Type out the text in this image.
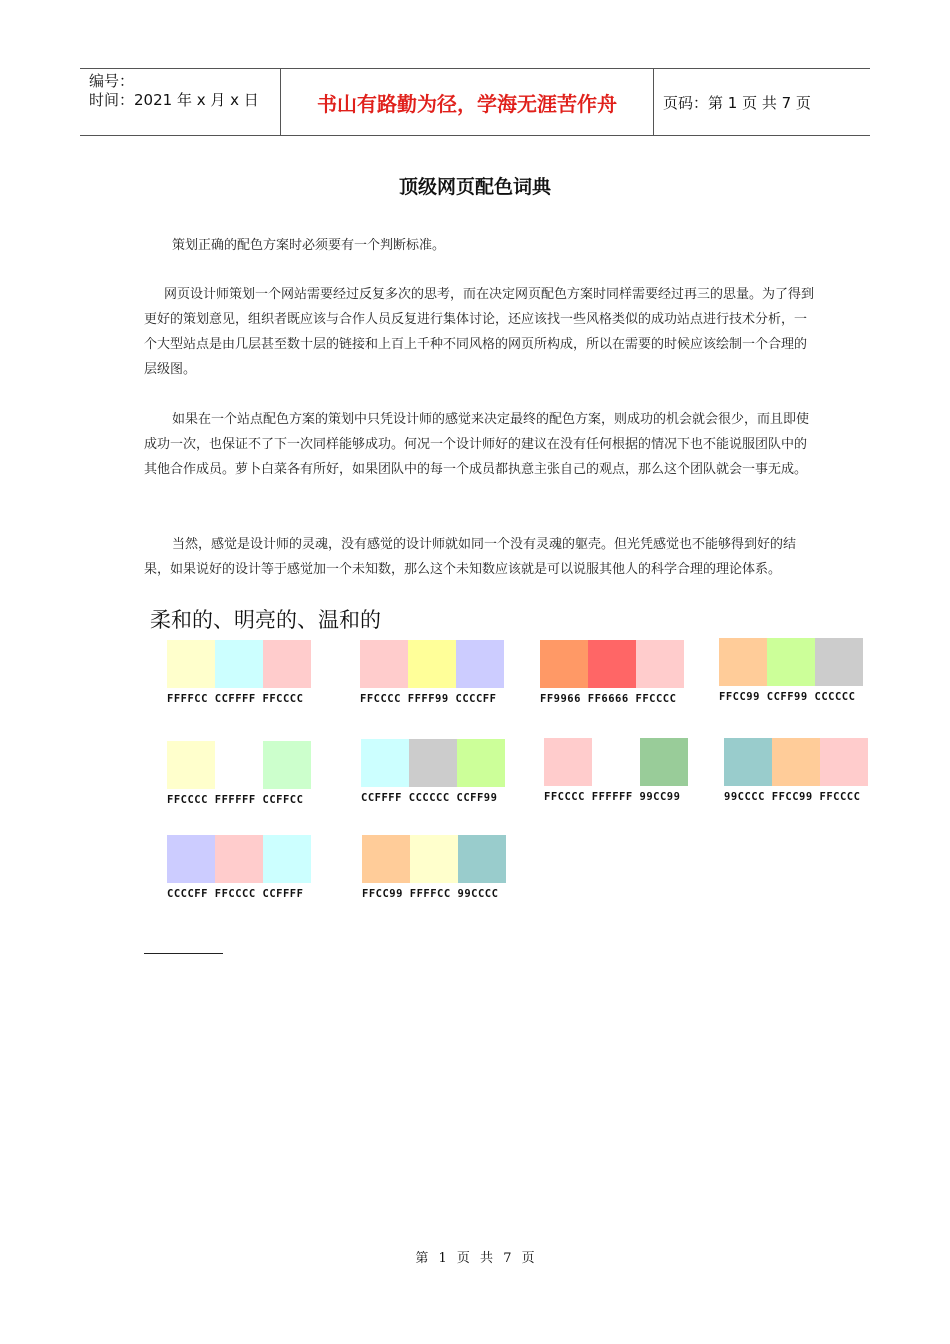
编号：
时间：2021 年 x 月 x 日	书山有路勤为径，学海无涯苦作舟	页码：第 1 页 共 7 页
顶级网页配色词典

策划正确的配色方案时必须要有一个判断标准。

网页设计师策划一个网站需要经过反复多次的思考，而在决定网页配色方案时同样需要经过再三的思量。为了得到更好的策划意见，组织者既应该与合作人员反复进行集体讨论，还应该找一些风格类似的成功站点进行技术分析，一个大型站点是由几层甚至数十层的链接和上百上千种不同风格的网页所构成，所以在需要的时候应该绘制一个合理的层级图。

如果在一个站点配色方案的策划中只凭设计师的感觉来决定最终的配色方案，则成功的机会就会很少，而且即使成功一次，也保证不了下一次同样能够成功。何况一个设计师好的建议在没有任何根据的情况下也不能说服团队中的其他合作成员。萝卜白菜各有所好，如果团队中的每一个成员都执意主张自己的观点，那么这个团队就会一事无成。

当然，感觉是设计师的灵魂，没有感觉的设计师就如同一个没有灵魂的躯壳。但光凭感觉也不能够得到好的结果，如果说好的设计等于感觉加一个未知数，那么这个未知数应该就是可以说服其他人的科学合理的理论体系。

柔和的、明亮的、温和的
FFFFCC CCFFFF FFCCCC	FFCCCC FFFF99 CCCCFF	FF9966 FF6666 FFCCCC	FFCC99 CCFF99 CCCCCC
FFCCCC FFFFFF CCFFCC	CCFFFF CCCCCC CCFF99	FFCCCC FFFFFF 99CC99	99CCCC FFCC99 FFCCCC
CCCCFF FFCCCC CCFFFF	FFCC99 FFFFCC 99CCCC
第 1 页 共 7 页
